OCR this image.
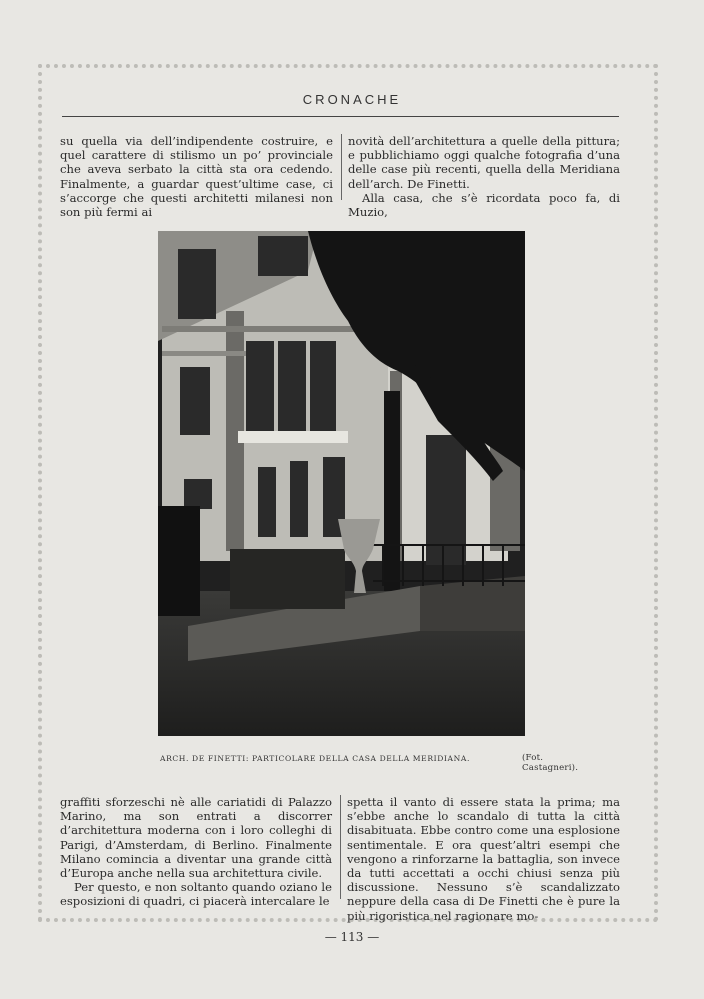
CRONACHE

su quella via dell’indipendente costruire, e quel carattere di stilismo un po’ provinciale che aveva serbato la città sta ora cedendo. Finalmente, a guardar quest’ultime case, ci s’accorge che questi architetti milanesi non son più fermi ai

novità dell’architettura a quelle della pittura; e pubblichiamo oggi qualche fotografia d’una delle case più recenti, quella della Meridiana dell’arch. De Finetti.

Alla casa, che s’è ricordata poco fa, di Muzio,

ARCH. DE FINETTI: PARTICOLARE DELLA CASA DELLA MERIDIANA.	(Fot. Castagneri).

graffiti sforzeschi nè alle cariatidi di Palazzo Marino, ma son entrati a discorrer d’architettura moderna con i loro colleghi di Parigi, d’Amsterdam, di Berlino. Finalmente Milano comincia a diventar una grande città d’Europa anche nella sua architettura civile.

Per questo, e non soltanto quando oziano le esposizioni di quadri, ci piacerà intercalare le

spetta il vanto di essere stata la prima; ma s’ebbe anche lo scandalo di tutta la città disabituata. Ebbe contro come una esplosione sentimentale. E ora quest’altri esempi che vengono a rinforzarne la battaglia, son invece da tutti accettati a occhi chiusi senza più discussione. Nessuno s’è scandalizzato neppure della casa di De Finetti che è pure la più rigoristica nel ragionare mo-

— 113 —
